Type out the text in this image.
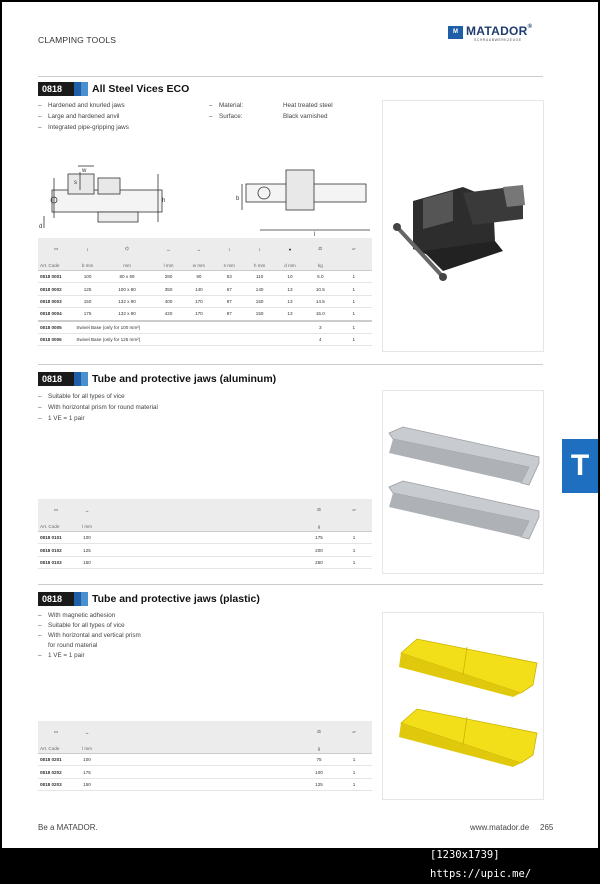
CLAMPING TOOLS
M MATADOR®
SCHRAUBWERKZEUGE
0818	All Steel Vices ECO
– Hardened and knurled jaws
– Large and hardened anvil
– Integrated pipe-gripping jaws
– Material:	Heat treated steel
– Surface:	Black varnished
w
s
h
d
b
l
▭	↕	⌬	↔	↔	↕	↕	●	⚖	▱
Art. Code	b mm	mm	l mm	w mm	s mm	h mm	d mm	kg	
0818 0001	100	80 x 59	280	90	53	110	10	5.0	1
0818 0002	125	100 x 80	350	140	67	140	13	10.5	1
0818 0003	150	132 x 90	400	170	87	150	13	14.5	1
0818 0004	175	132 x 90	420	170	87	150	13	15.0	1
0818 0005	Swivel Base (only for 100 mm²)							3	1
0818 0006	Swivel Base (only for 125 mm²)							4	1
0818	Tube and protective jaws (aluminum)
– Suitable for all types of vice
– With horizontal prism for round material
– 1 VE = 1 pair
▭	↔		⚖	▱
Art. Code	l mm		g	
0818 0101	100		175	1
0818 0102	125		200	1
0818 0103	150		250	1
0818	Tube and protective jaws (plastic)
– With magnetic adhesion
– Suitable for all types of vice
– With horizontal and vertical prism
for round material
– 1 VE = 1 pair
▭	↔		⚖	▱
Art. Code	l mm		g	
0818 0201	100		75	1
0818 0202	175		100	1
0818 0203	150		125	1
T
Be a MATADOR.	www.matador.de 265
[1230x1739] https://upic.me/
